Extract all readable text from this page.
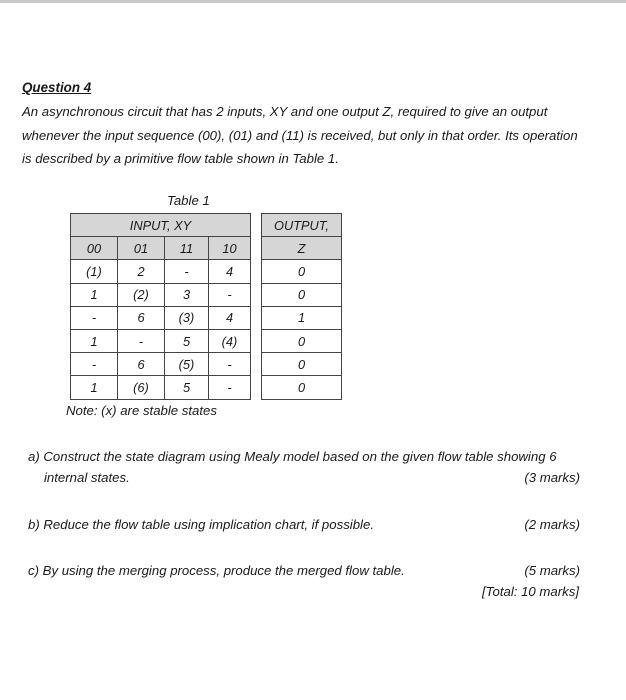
Question 4
An asynchronous circuit that has 2 inputs, XY and one output Z, required to give an output
whenever the input sequence (00), (01) and (11) is received, but only in that order. Its operation
is described by a primitive flow table shown in Table 1.
Table 1
INPUT, XY					OUTPUT,
00	01	11	10		Z
(1)	2	-	4		0
1	(2)	3	-		0
-	6	(3)	4		1
1	-	5	(4)		0
-	6	(5)	-		0
1	(6)	5	-		0
Note: (x) are stable states
a) Construct the state diagram using Mealy model based on the given flow table showing 6
internal states.	(3 marks)
b) Reduce the flow table using implication chart, if possible.	(2 marks)
c) By using the merging process, produce the merged flow table.	(5 marks)
[Total: 10 marks]
